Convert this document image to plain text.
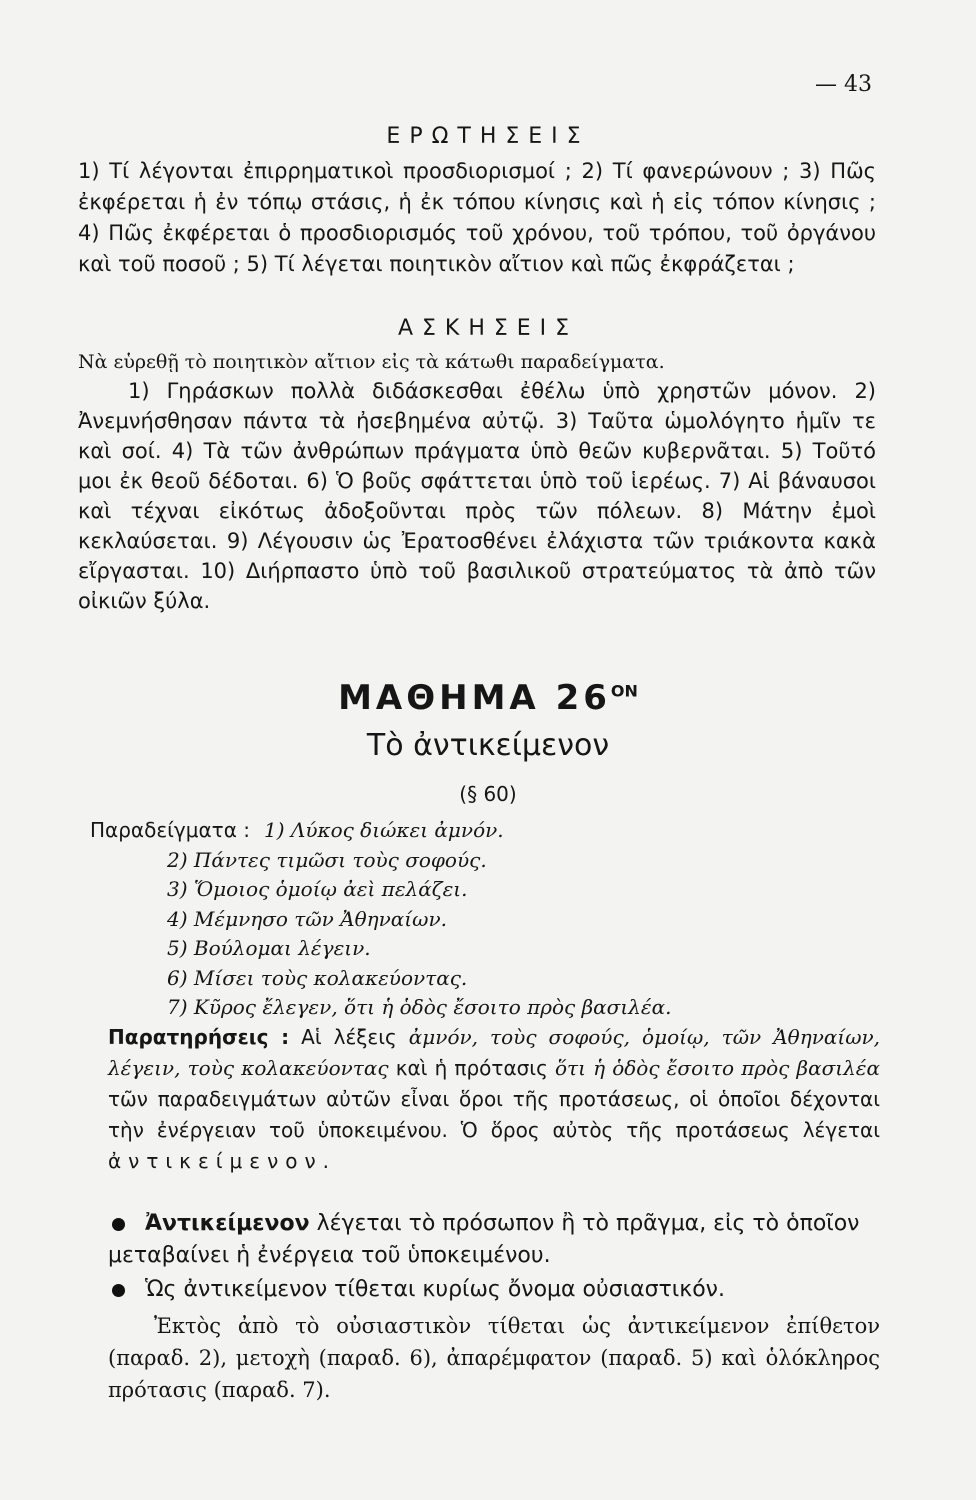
— 43
ΕΡΩΤΗΣΕΙΣ
1) Τί λέγονται ἐπιρρηματικοὶ προσδιορισμοί ; 2) Τί φανερώνουν ; 3) Πῶς ἐκφέρεται ἡ ἐν τόπῳ στάσις, ἡ ἐκ τόπου κίνησις καὶ ἡ εἰς τόπον κίνησις ; 4) Πῶς ἐκφέρεται ὁ προσδιορισμός τοῦ χρόνου, τοῦ τρόπου, τοῦ ὀργάνου καὶ τοῦ ποσοῦ ; 5) Τί λέγεται ποιητικὸν αἴτιον καὶ πῶς ἐκφράζεται ;
ΑΣΚΗΣΕΙΣ
Νὰ εὑρεθῇ τὸ ποιητικὸν αἴτιον εἰς τὰ κάτωθι παραδείγματα.
1) Γηράσκων πολλὰ διδάσκεσθαι ἐθέλω ὑπὸ χρηστῶν μόνον. 2) Ἀνεμνήσθησαν πάντα τὰ ἠσεβημένα αὐτῷ. 3) Ταῦτα ὡμολόγητο ἡμῖν τε καὶ σοί. 4) Τὰ τῶν ἀνθρώπων πράγματα ὑπὸ θεῶν κυβερνᾶται. 5) Τοῦτό μοι ἐκ θεοῦ δέδοται. 6) Ὁ βοῦς σφάττεται ὑπὸ τοῦ ἱερέως. 7) Αἱ βάναυσοι καὶ τέχναι εἰκότως ἀδοξοῦνται πρὸς τῶν πόλεων. 8) Μάτην ἐμοὶ κεκλαύσεται. 9) Λέγουσιν ὡς Ἐρατοσθένει ἐλάχιστα τῶν τριάκοντα κακὰ εἴργασται. 10) Διήρπαστο ὑπὸ τοῦ βασιλικοῦ στρατεύματος τὰ ἀπὸ τῶν οἰκιῶν ξύλα.
ΜΑΘΗΜΑ $26^{ON}$
Τὸ ἀντικείμενον
(§ 60)
Παραδείγματα : 1) Λύκος διώκει ἀμνόν.
2) Πάντες τιμῶσι τοὺς σοφούς.
3) Ὅμοιος ὁμοίῳ ἀεὶ πελάζει.
4) Μέμνησο τῶν Ἀθηναίων.
5) Βούλομαι λέγειν.
6) Μίσει τοὺς κολακεύοντας.
7) Κῦρος ἔλεγεν, ὅτι ἡ ὁδὸς ἔσοιτο πρὸς βασιλέα.
Παρατηρήσεις : Αἱ λέξεις ἀμνόν, τοὺς σοφούς, ὁμοίῳ, τῶν Ἀθηναίων, λέγειν, τοὺς κολακεύοντας καὶ ἡ πρότασις ὅτι ἡ ὁδὸς ἔσοιτο πρὸς βασιλέα τῶν παραδειγμάτων αὐτῶν εἶναι ὅροι τῆς προτάσεως, οἱ ὁποῖοι δέχονται τὴν ἐνέργειαν τοῦ ὑποκειμένου. Ὁ ὅρος αὐτὸς τῆς προτάσεως λέγεται ἀντικείμενον.
Ἀντικείμενον λέγεται τὸ πρόσωπον ἢ τὸ πρᾶγμα, εἰς τὸ ὁποῖον μεταβαίνει ἡ ἐνέργεια τοῦ ὑποκειμένου.
Ὡς ἀντικείμενον τίθεται κυρίως ὄνομα οὐσιαστικόν.
Ἐκτὸς ἀπὸ τὸ οὐσιαστικὸν τίθεται ὡς ἀντικείμενον ἐπίθετον (παραδ. 2), μετοχὴ (παραδ. 6), ἀπαρέμφατον (παραδ. 5) καὶ ὁλόκληρος πρότασις (παραδ. 7).
